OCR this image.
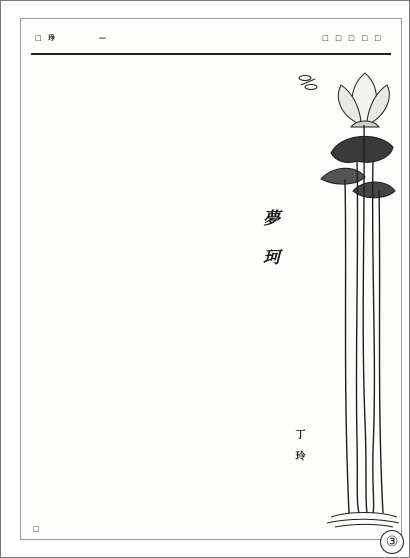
□ 琤	—	□ □ □ □ □
夢 珂
丁 玲
□
③
